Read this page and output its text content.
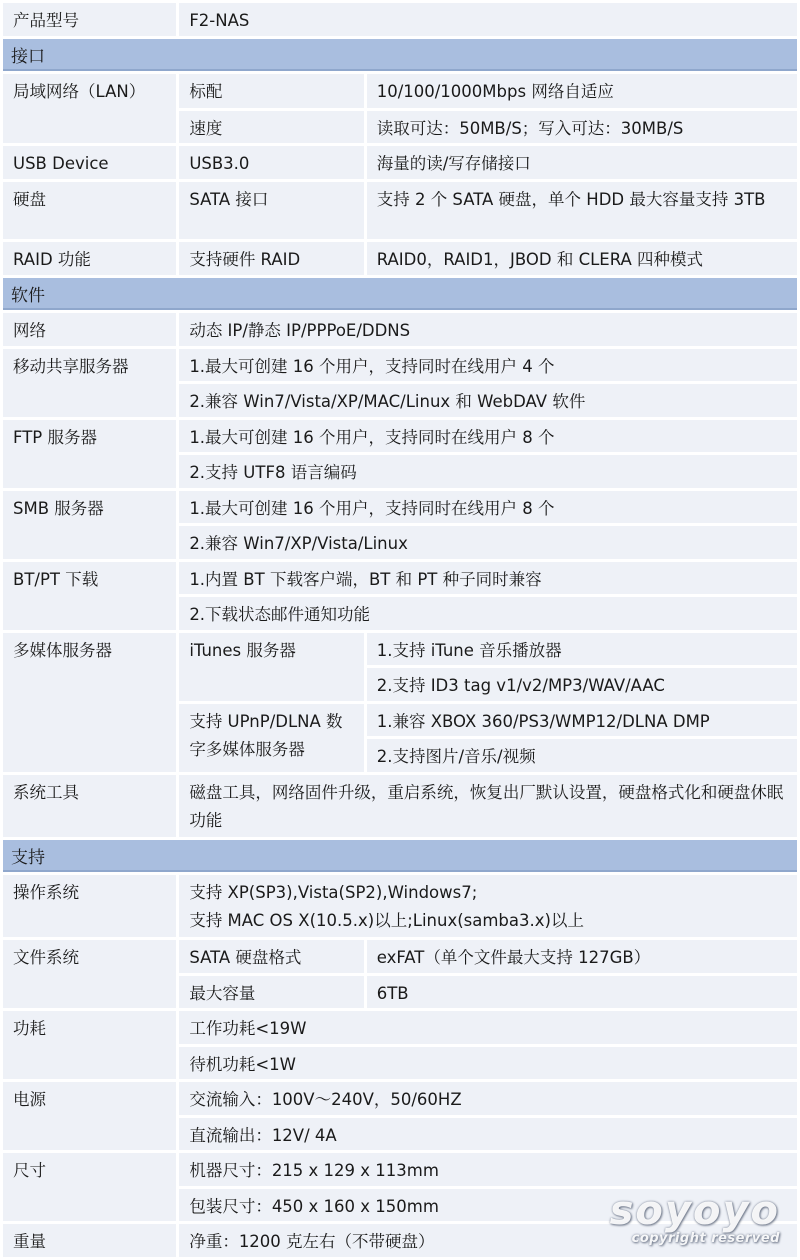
产品型号	F2-NAS	
接口		
局域网络（LAN）	标配	10/100/1000Mbps 网络自适应
	速度	读取可达：50MB/S；写入可达：30MB/S
USB Device	USB3.0	海量的读/写存储接口
硬盘	SATA 接口	支持 2 个 SATA 硬盘，单个 HDD 最大容量支持 3TB
RAID 功能	支持硬件 RAID	RAID0，RAID1，JBOD 和 CLERA 四种模式
软件		
网络	动态 IP/静态 IP/PPPoE/DDNS	
移动共享服务器	1.最大可创建 16 个用户，支持同时在线用户 4 个	
	2.兼容 Win7/Vista/XP/MAC/Linux 和 WebDAV 软件	
FTP 服务器	1.最大可创建 16 个用户，支持同时在线用户 8 个	
	2.支持 UTF8 语言编码	
SMB 服务器	1.最大可创建 16 个用户，支持同时在线用户 8 个	
	2.兼容 Win7/XP/Vista/Linux	
BT/PT 下载	1.内置 BT 下载客户端，BT 和 PT 种子同时兼容	
	2.下载状态邮件通知功能	
多媒体服务器	iTunes 服务器	1.支持 iTune 音乐播放器
		2.支持 ID3 tag v1/v2/MP3/WAV/AAC
	支持 UPnP/DLNA 数字多媒体服务器	1.兼容 XBOX 360/PS3/WMP12/DLNA DMP
		2.支持图片/音乐/视频
系统工具	磁盘工具，网络固件升级，重启系统，恢复出厂默认设置，硬盘格式化和硬盘休眠功能	
支持		
操作系统	支持 XP(SP3),Vista(SP2),Windows7;
支持 MAC OS X(10.5.x)以上;Linux(samba3.x)以上	

文件系统	SATA 硬盘格式	exFAT（单个文件最大支持 127GB）
	最大容量	6TB
功耗	工作功耗<19W	
	待机功耗<1W	
电源	交流输入：100V～240V，50/60HZ	
	直流输出：12V/ 4A	
尺寸	机器尺寸：215 x 129 x 113mm	
	包装尺寸：450 x 160 x 150mm	
重量	净重：1200 克左右（不带硬盘）	
soyoyo
copyright reserved
